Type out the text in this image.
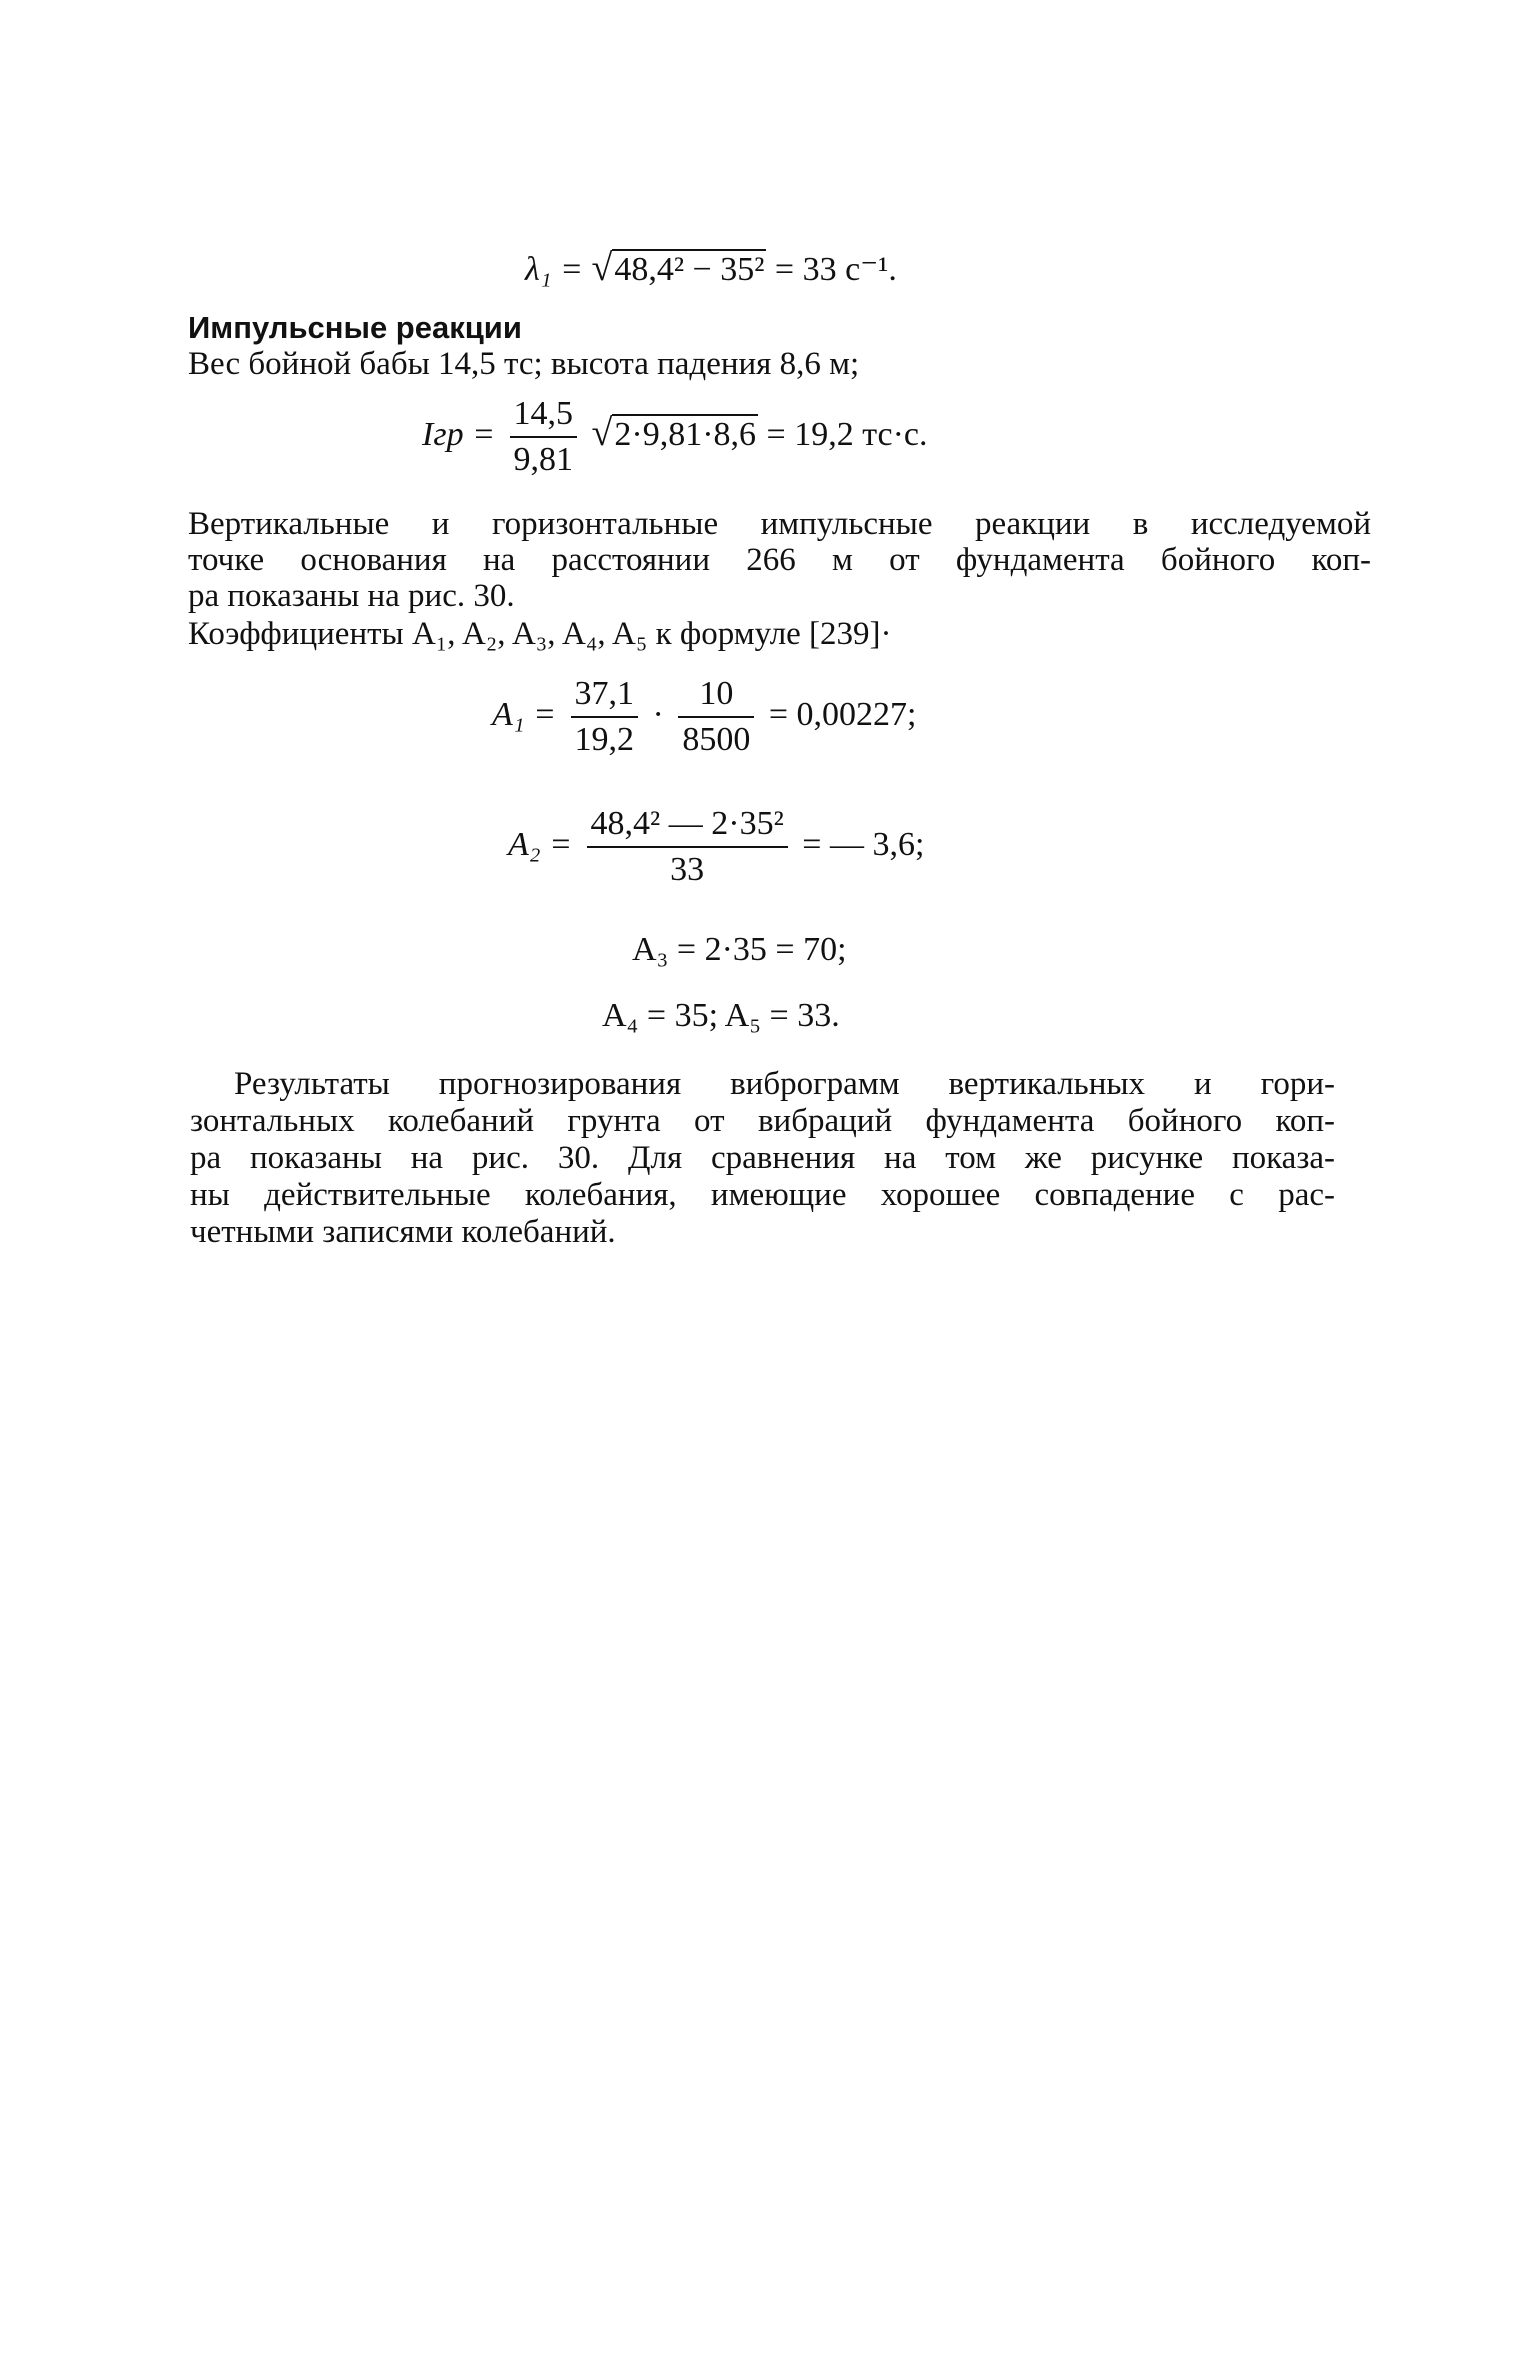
λ₁ = √48,4² − 35² = 33 с⁻¹.
Импульсные реакции
Вес бойной бабы 14,5 тс; высота падения 8,6 м;
Iгр = $\frac{14,5}{9,81} √2\cdot 9,81\cdot 8,6 = 19,2$ тс·с.
Вертикальные и горизонтальные импульсные реакции в исследуемой
точке основания на расстоянии 266 м от фундамента бойного коп-
ра показаны на рис. 30.
Коэффициенты A₁, A₂, A₃, A₄, A₅ к формуле [239]·
$A_1 = \frac{37,1}{19,2} \cdot \frac{10}{8500} = 0,00227$;
$A_2 = \frac{\text{48,4² — 2·35²}}{33}$ = — 3,6;
A₃ = 2·35 = 70;
A₄ = 35; A₅ = 33.
Результаты прогнозирования виброграмм вертикальных и гори-
зонтальных колебаний грунта от вибраций фундамента бойного коп-
ра показаны на рис. 30. Для сравнения на том же рисунке показа-
ны действительные колебания, имеющие хорошее совпадение с рас-
четными записями колебаний.
